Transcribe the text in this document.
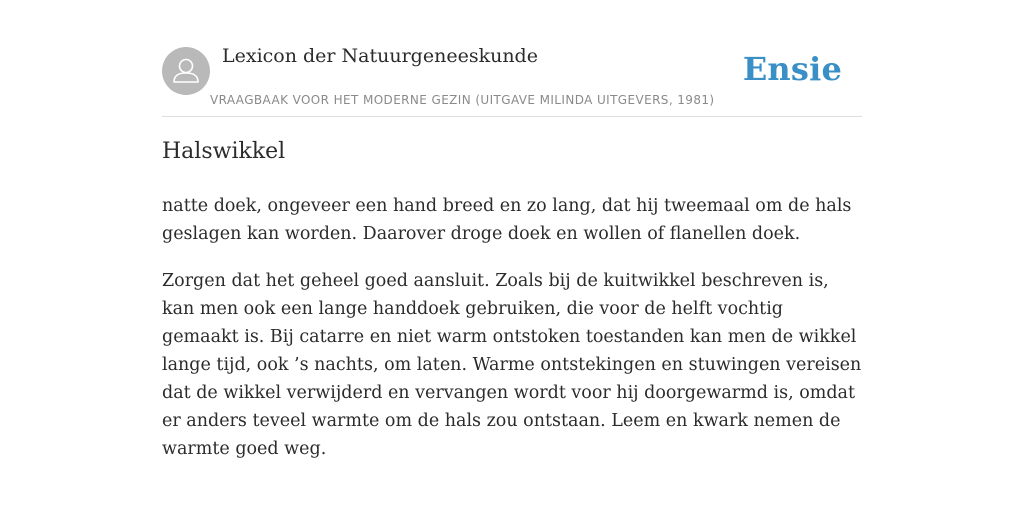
Lexicon der Natuurgeneeskunde
VRAAGBAAK VOOR HET MODERNE GEZIN (UITGAVE MILINDA UITGEVERS, 1981)
Ensie
Halswikkel

natte doek, ongeveer een hand breed en zo lang, dat hij tweemaal om de hals geslagen kan worden. Daarover droge doek en wollen of flanellen doek.

Zorgen dat het geheel goed aansluit. Zoals bij de kuitwikkel beschreven is, kan men ook een lange handdoek gebruiken, die voor de helft vochtig gemaakt is. Bij catarre en niet warm ontstoken toestanden kan men de wikkel lange tijd, ook ’s nachts, om laten. Warme ontstekingen en stuwingen vereisen dat de wikkel verwijderd en vervangen wordt voor hij doorgewarmd is, omdat er anders teveel warmte om de hals zou ontstaan. Leem en kwark nemen de warmte goed weg.
